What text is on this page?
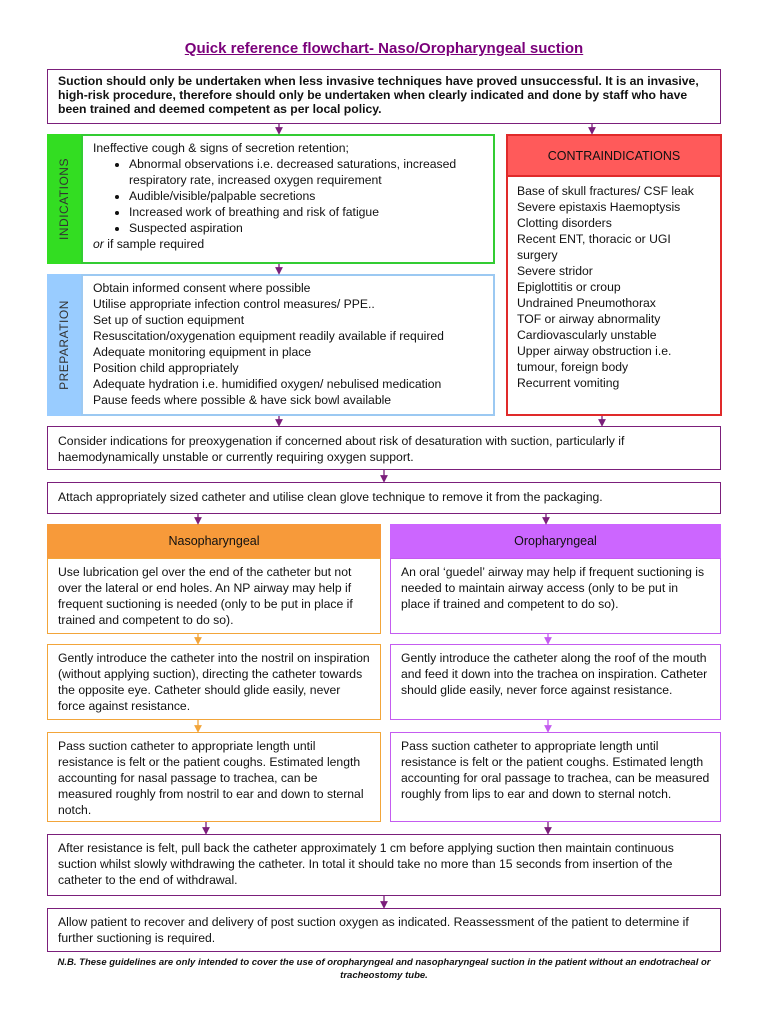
Quick reference flowchart- Naso/Oropharyngeal suction
Suction should only be undertaken when less invasive techniques have proved unsuccessful. It is an invasive, high-risk procedure, therefore should only be undertaken when clearly indicated and done by staff who have been trained and deemed competent as per local policy.
INDICATIONS
Ineffective cough & signs of secretion retention;
• Abnormal observations i.e. decreased saturations, increased respiratory rate, increased oxygen requirement
• Audible/visible/palpable secretions
• Increased work of breathing and risk of fatigue
• Suspected aspiration
or if sample required
CONTRAINDICATIONS
Base of skull fractures/ CSF leak
Severe epistaxis Haemoptysis
Clotting disorders
Recent ENT, thoracic or UGI surgery
Severe stridor
Epiglottitis or croup
Undrained Pneumothorax
TOF or airway abnormality
Cardiovascularly unstable
Upper airway obstruction i.e. tumour, foreign body
Recurrent vomiting
PREPARATION
Obtain informed consent where possible
Utilise appropriate infection control measures/ PPE..
Set up of suction equipment
Resuscitation/oxygenation equipment readily available if required
Adequate monitoring equipment in place
Position child appropriately
Adequate hydration i.e. humidified oxygen/ nebulised medication
Pause feeds where possible & have sick bowl available
Consider indications for preoxygenation if concerned about risk of desaturation with suction, particularly if haemodynamically unstable or currently requiring oxygen support.
Attach appropriately sized catheter and utilise clean glove technique to remove it from the packaging.
Nasopharyngeal
Use lubrication gel over the end of the catheter but not over the lateral or end holes. An NP airway may help if frequent suctioning is needed (only to be put in place if trained and competent to do so).
Gently introduce the catheter into the nostril on inspiration (without applying suction), directing the catheter towards the opposite eye. Catheter should glide easily, never force against resistance.
Pass suction catheter to appropriate length until resistance is felt or the patient coughs. Estimated length accounting for nasal passage to trachea, can be measured roughly from nostril to ear and down to sternal notch.
Oropharyngeal
An oral ‘guedel’ airway may help if frequent suctioning is needed to maintain airway access (only to be put in place if trained and competent to do so).
Gently introduce the catheter along the roof of the mouth and feed it down into the trachea on inspiration. Catheter should glide easily, never force against resistance.
Pass suction catheter to appropriate length until resistance is felt or the patient coughs. Estimated length accounting for oral passage to trachea, can be measured roughly from lips to ear and down to sternal notch.
After resistance is felt, pull back the catheter approximately 1 cm before applying suction then maintain continuous suction whilst slowly withdrawing the catheter. In total it should take no more than 15 seconds from insertion of the catheter to the end of withdrawal.
Allow patient to recover and delivery of post suction oxygen as indicated. Reassessment of the patient to determine if further suctioning is required.
N.B. These guidelines are only intended to cover the use of oropharyngeal and nasopharyngeal suction in the patient without an endotracheal or tracheostomy tube.
